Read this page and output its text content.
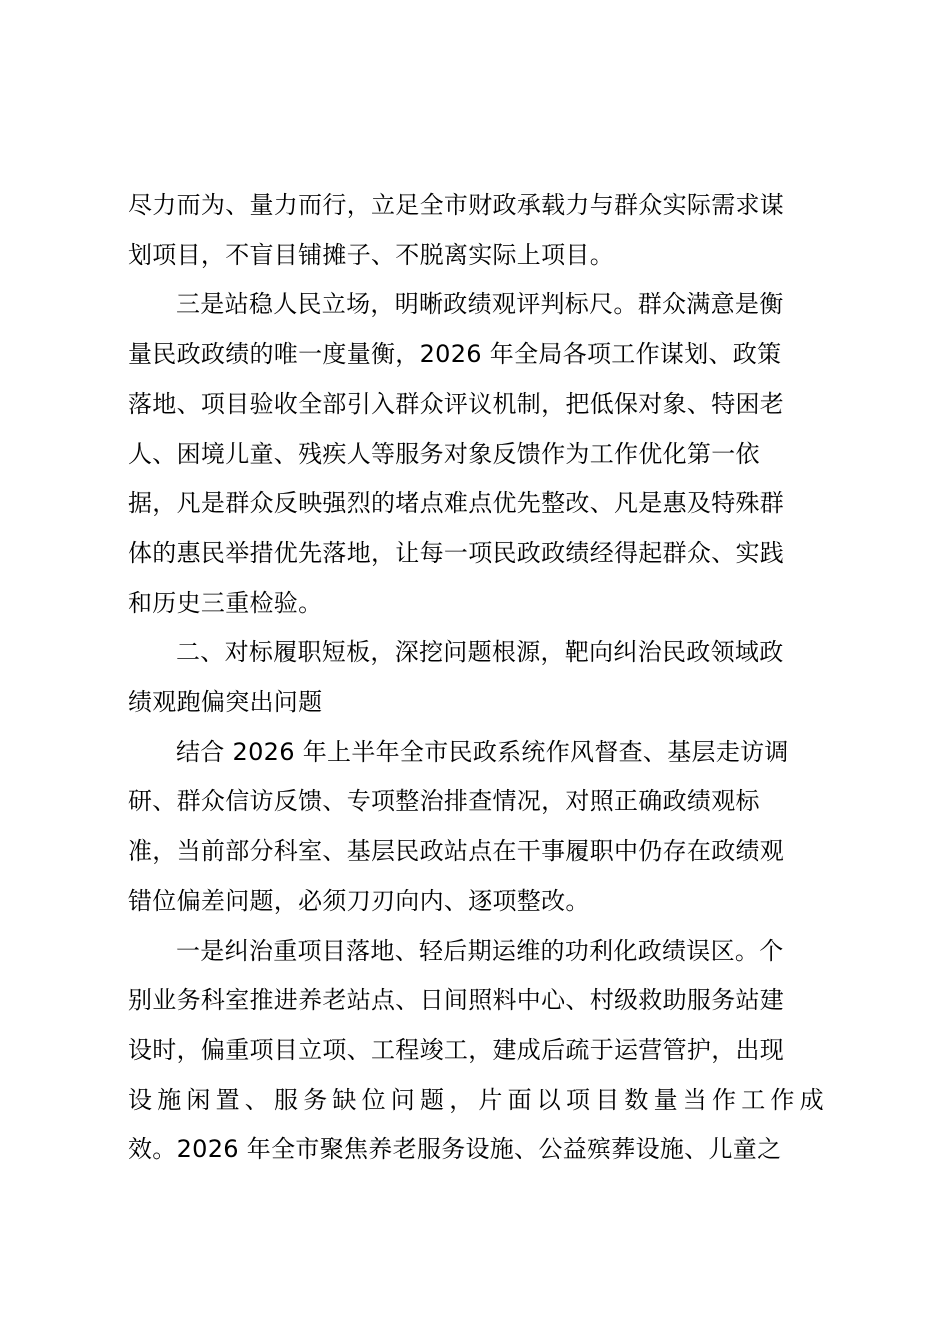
尽力而为、量力而行，立足全市财政承载力与群众实际需求谋
划项目，不盲目铺摊子、不脱离实际上项目。

三是站稳人民立场，明晰政绩观评判标尺。群众满意是衡
量民政政绩的唯一度量衡，2026 年全局各项工作谋划、政策
落地、项目验收全部引入群众评议机制，把低保对象、特困老
人、困境儿童、残疾人等服务对象反馈作为工作优化第一依
据，凡是群众反映强烈的堵点难点优先整改、凡是惠及特殊群
体的惠民举措优先落地，让每一项民政政绩经得起群众、实践
和历史三重检验。

二、对标履职短板，深挖问题根源，靶向纠治民政领域政
绩观跑偏突出问题

结合 2026 年上半年全市民政系统作风督查、基层走访调
研、群众信访反馈、专项整治排查情况，对照正确政绩观标
准，当前部分科室、基层民政站点在干事履职中仍存在政绩观
错位偏差问题，必须刀刃向内、逐项整改。

一是纠治重项目落地、轻后期运维的功利化政绩误区。个
别业务科室推进养老站点、日间照料中心、村级救助服务站建
设时，偏重项目立项、工程竣工，建成后疏于运营管护，出现
设施闲置、服务缺位问题，片面以项目数量当作工作成
效。2026 年全市聚焦养老服务设施、公益殡葬设施、儿童之
